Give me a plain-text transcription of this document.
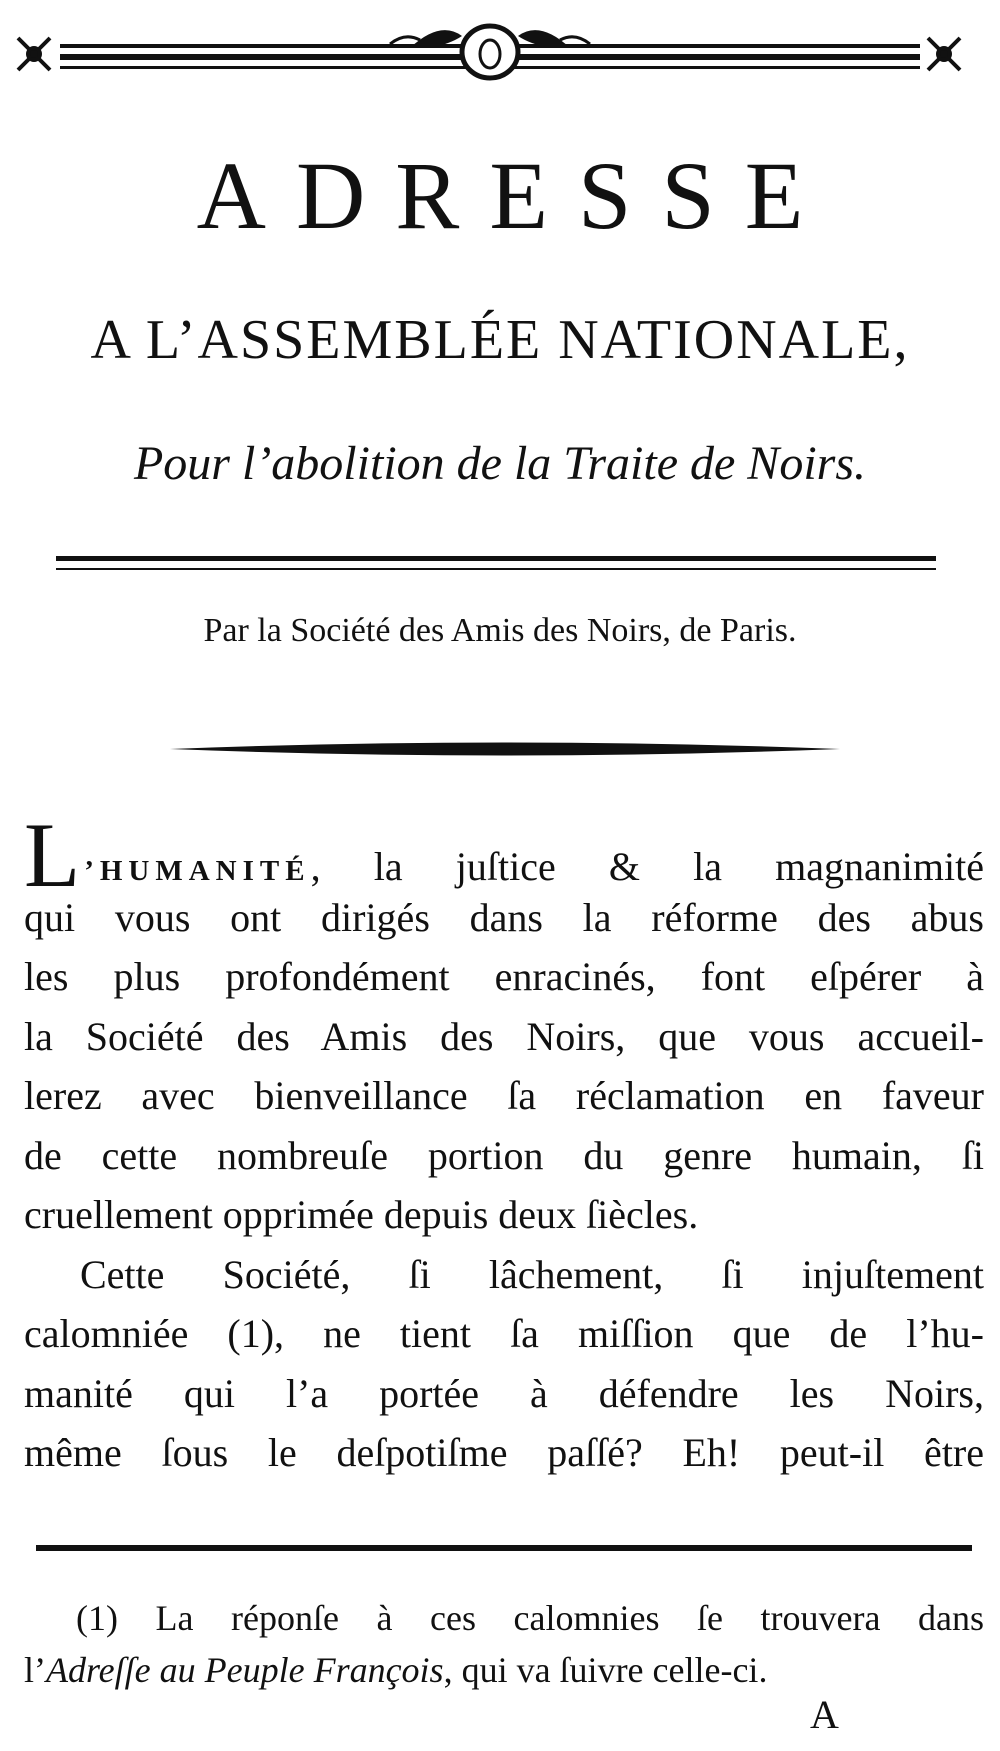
ADRESSE
A L’ASSEMBLÉE NATIONALE,
Pour l’abolition de la Traite de Noirs.
Par la Société des Amis des Noirs, de Paris.
L ’HUMANITÉ, la juſtice & la magnanimité
qui vous ont dirigés dans la réforme des abus
les plus profondément enracinés, font eſpérer à
la Société des Amis des Noirs, que vous accueil-
lerez avec bienveillance ſa réclamation en faveur
de cette nombreuſe portion du genre humain, ſi
cruellement opprimée depuis deux ſiècles.
Cette Société, ſi lâchement, ſi injuſtement
calomniée (1), ne tient ſa miſſion que de l’hu-
manité qui l’a portée à défendre les Noirs,
même ſous le deſpotiſme paſſé? Eh! peut-il être
(1) La réponſe à ces calomnies ſe trouvera dans
l’Adreſſe au Peuple François, qui va ſuivre celle-ci.
A
